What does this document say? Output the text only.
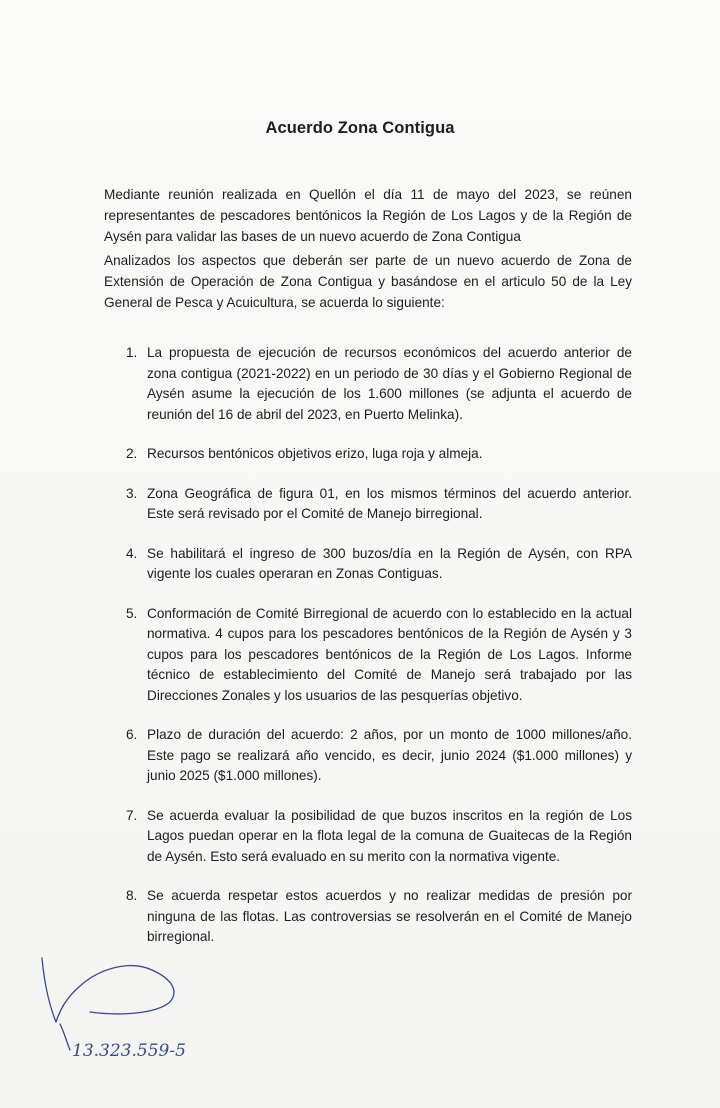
Acuerdo Zona Contigua
Mediante reunión realizada en Quellón el día 11 de mayo del 2023, se reúnen representantes de pescadores bentónicos la Región de Los Lagos y de la Región de Aysén para validar las bases de un nuevo acuerdo de Zona Contigua
Analizados los aspectos que deberán ser parte de un nuevo acuerdo de Zona de Extensión de Operación de Zona Contigua y basándose en el articulo 50 de la Ley General de Pesca y Acuicultura, se acuerda lo siguiente:
1. La propuesta de ejecución de recursos económicos del acuerdo anterior de zona contigua (2021-2022) en un periodo de 30 días y el Gobierno Regional de Aysén asume la ejecución de los 1.600 millones (se adjunta el acuerdo de reunión del 16 de abril del 2023, en Puerto Melinka).
2. Recursos bentónicos objetivos erizo, luga roja y almeja.
3. Zona Geográfica de figura 01, en los mismos términos del acuerdo anterior. Este será revisado por el Comité de Manejo birregional.
4. Se habilitará el ingreso de 300 buzos/día en la Región de Aysén, con RPA vigente los cuales operaran en Zonas Contiguas.
5. Conformación de Comité Birregional de acuerdo con lo establecido en la actual normativa. 4 cupos para los pescadores bentónicos de la Región de Aysén y 3 cupos para los pescadores bentónicos de la Región de Los Lagos. Informe técnico de establecimiento del Comité de Manejo será trabajado por las Direcciones Zonales y los usuarios de las pesquerías objetivo.
6. Plazo de duración del acuerdo: 2 años, por un monto de 1000 millones/año. Este pago se realizará año vencido, es decir, junio 2024 ($1.000 millones) y junio 2025 ($1.000 millones).
7. Se acuerda evaluar la posibilidad de que buzos inscritos en la región de Los Lagos puedan operar en la flota legal de la comuna de Guaitecas de la Región de Aysén. Esto será evaluado en su merito con la normativa vigente.
8. Se acuerda respetar estos acuerdos y no realizar medidas de presión por ninguna de las flotas. Las controversias se resolverán en el Comité de Manejo birregional.
13.323.559-5
